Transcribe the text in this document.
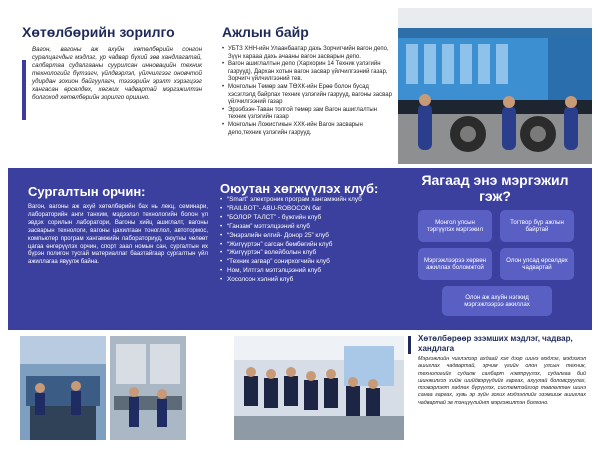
Хөтөлбөрийн зорилго
Вагон, вагоны аж ахуйн хөтөлбөрийн сонгон суралцагчдыг мэдлэг, ур чадвар бүхий зөв хандлагатай, салбартаа судалгааны суурилсан инновацийн техник технологийг бүтээгч, үйлдвэрлэл, үйлчилгээг оновчтой удирдан зохион байгуулагч, тэзээрийн эрэлт хэрэгцээг хангасан өрсөлдөх, хөгжих чадвартай мэргэжилтэн болгоход хөтөлбөрийн зорилго оршино.
Ажлын байр
• УБТЗ ХНН-ийн Улаанбаатар дахь Зорчигчийн вагон депо, Зүүн харааа дахь ачааны вагон засварын депо.
• Вагон ашиглалтын депо (Хархорин 14 Техник үзлэгийн газрууд), Дархан хотын вагон засвар үйлчилгээний газар, Зорчигч үйлчилгээний тев.
• Монголын Төмөр зам ТӨХК-ийн Ерөө болон бусад хэсэглэлд байрлах техник үзлэгийн газрууд, вагоны засвар үйлчилгээний газар
• Эрээбээн-Таван толгой төмөр зам Вагон ашиглалтын техник үзлэгийн газар
• Монголын Ложистикын ХХК-ийн Вагон засварын депо,техник үзлэгийн газрууд.
Сургалтын орчин:
Вагон, вагоны аж ахуй хөтөлбөрийн бах нь лекц, семинари, лабораторийн анги танхим, мэдээлэл технологийн болон үл эвдэх сорилын лаборатори, Вагоны хийц ашиглалт, вагоны засварын технологи, вагоны цахилгаан тоноглол, автотормос, компьютер програм хангамжийн лабораториуд, оюутны чөлөөт цагаа өнгөрүүлэх орчин, спорт заал номын сан, сургалтын их бүрэн полигон тусгай материаллаг баазтайгаар сургалтын үйл ажиллагаа явуулж байна.
Оюутан хөгжүүлэх клуб:
• “Smart” электроник програм хангамжийн клуб
• “RAILBOT”- ABU-ROBOCON баг
• “БОЛОР ТАЛСТ” - бүжгийн клуб
• “Ганзам” мэтгэлцээний клуб
• “Энэрэлийн өлгий- Донор 25” клуб
• “Жигүүртэн” сагсан бөмбөгийн клуб
• “Жигүүртэн” волейболын клуб
• “Техник загвар” сонирхогчийн клуб
• Ном, Илтгэл мэтгэлцээний клуб
• Хосолсон хэлний клуб
Яагаад энэ мэргэжил гэж?
Монгол улсын тэргүүлэх мэргэжил
Тогтвор бүр ажлын байртай
Мэргэжлээрээ хөрвөн ажиллах боломжтой
Олон улсад өрсөлдөх чадвартай
Олон аж ахуйн нэгжид мэргэжлээрээ ажиллах
Хөтөлбөрөөр эзэмших мэдлэг, чадвар, хандлага
Мэргэжлийн чиглэлээр ахдаай хэл дээр шинэ мэдлэг, мэдээлэл ашиглах чадвартай, эрчим үгийн олон улсын техник, технологийг судалж салбарт нэвтрүүлэх, судалгаа бий шинжилгээ хийж шийдвэрүүдийг гаргах, ахуулай боловсруулах, тээвэрлэлт хөдлөх бүрүүлэх, системтэйгээр төвлөлтөн шинэ санаа гаргах, хувь эр зүйн зохих мэдээллийг эзэмшиж ашиглах чадвартай эв тэнцүүлийнт мэргэжилтэн болгоно.
